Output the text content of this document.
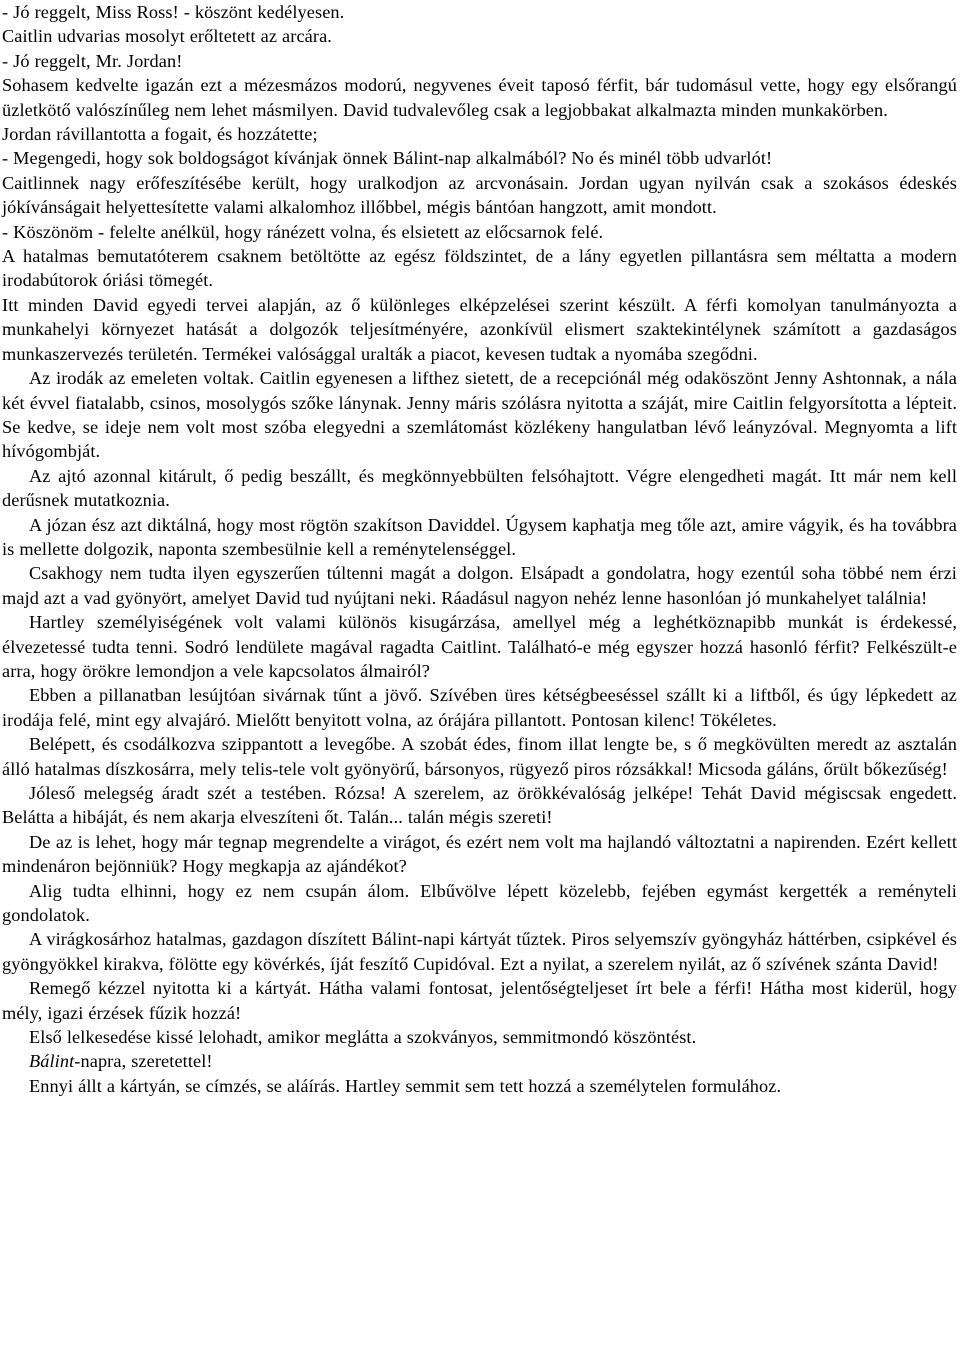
- Jó reggelt, Miss Ross! - köszönt kedélyesen.

Caitlin udvarias mosolyt erőltetett az arcára.

- Jó reggelt, Mr. Jordan!

Sohasem kedvelte igazán ezt a mézesmázos modorú, negyvenes éveit taposó férfit, bár tudomásul vette, hogy egy elsőrangú üzletkötő valószínűleg nem lehet másmilyen. David tudvalevőleg csak a legjobbakat alkalmazta minden munkakörben.

Jordan rávillantotta a fogait, és hozzátette;

- Megengedi, hogy sok boldogságot kívánjak önnek Bálint-nap alkalmából? No és minél több udvarlót!

Caitlinnek nagy erőfeszítésébe került, hogy uralkodjon az arcvonásain. Jordan ugyan nyilván csak a szokásos édeskés jókívánságait helyettesítette valami alkalomhoz illőbbel, mégis bántóan hangzott, amit mondott.

- Köszönöm - felelte anélkül, hogy ránézett volna, és elsietett az előcsarnok felé.

A hatalmas bemutatóterem csaknem betöltötte az egész földszintet, de a lány egyetlen pillantásra sem méltatta a modern irodabútorok óriási tömegét.

Itt minden David egyedi tervei alapján, az ő különleges elképzelései szerint készült. A férfi komolyan tanulmányozta a munkahelyi környezet hatását a dolgozók teljesítményére, azonkívül elismert szaktekintélynek számított a gazdaságos munkaszervezés területén. Termékei valósággal uralták a piacot, kevesen tudtak a nyomába szegődni.

Az irodák az emeleten voltak. Caitlin egyenesen a lifthez sietett, de a recepciónál még odaköszönt Jenny Ashtonnak, a nála két évvel fiatalabb, csinos, mosolygós szőke lánynak. Jenny máris szólásra nyitotta a száját, mire Caitlin felgyorsította a lépteit. Se kedve, se ideje nem volt most szóba elegyedni a szemlátomást közlékeny hangulatban lévő leányzóval. Megnyomta a lift hívógombját.

Az ajtó azonnal kitárult, ő pedig beszállt, és megkönnyebbülten felsóhajtott. Végre elengedheti magát. Itt már nem kell derűsnek mutatkoznia.

A józan ész azt diktálná, hogy most rögtön szakítson Daviddel. Úgysem kaphatja meg tőle azt, amire vágyik, és ha továbbra is mellette dolgozik, naponta szembesülnie kell a reménytelenséggel.

Csakhogy nem tudta ilyen egyszerűen túltenni magát a dolgon. Elsápadt a gondolatra, hogy ezentúl soha többé nem érzi majd azt a vad gyönyört, amelyet David tud nyújtani neki. Ráadásul nagyon nehéz lenne hasonlóan jó munkahelyet találnia!

Hartley személyiségének volt valami különös kisugárzása, amellyel még a leghétköznapibb munkát is érdekessé, élvezetessé tudta tenni. Sodró lendülete magával ragadta Caitlint. Található-e még egyszer hozzá hasonló férfit? Felkészült-e arra, hogy örökre lemondjon a vele kapcsolatos álmairól?

Ebben a pillanatban lesújtóan sivárnak tűnt a jövő. Szívében üres kétségbeeséssel szállt ki a liftből, és úgy lépkedett az irodája felé, mint egy alvajáró. Mielőtt benyitott volna, az órájára pillantott. Pontosan kilenc! Tökéletes.

Belépett, és csodálkozva szippantott a levegőbe. A szobát édes, finom illat lengte be, s ő megkövülten meredt az asztalán álló hatalmas díszkosárra, mely telis-tele volt gyönyörű, bársonyos, rügyező piros rózsákkal! Micsoda gáláns, őrült bőkezűség!

Jóleső melegség áradt szét a testében. Rózsa! A szerelem, az örökkévalóság jelképe! Tehát David mégiscsak engedett. Belátta a hibáját, és nem akarja elveszíteni őt. Talán... talán mégis szereti!

De az is lehet, hogy már tegnap megrendelte a virágot, és ezért nem volt ma hajlandó változtatni a napirenden. Ezért kellett mindenáron bejönniük? Hogy megkapja az ajándékot?

Alig tudta elhinni, hogy ez nem csupán álom. Elbűvölve lépett közelebb, fejében egymást kergették a reményteli gondolatok.

A virágkosárhoz hatalmas, gazdagon díszített Bálint-napi kártyát tűztek. Piros selyemszív gyöngyház háttérben, csipkével és gyöngyökkel kirakva, fölötte egy kövérkés, íját feszítő Cupidóval. Ezt a nyilat, a szerelem nyilát, az ő szívének szánta David!

Remegő kézzel nyitotta ki a kártyát. Hátha valami fontosat, jelentőségteljeset írt bele a férfi! Hátha most kiderül, hogy mély, igazi érzések fűzik hozzá!

Első lelkesedése kissé lelohadt, amikor meglátta a szokványos, semmitmondó köszöntést.

Bálint-napra, szeretettel!

Ennyi állt a kártyán, se címzés, se aláírás. Hartley semmit sem tett hozzá a személytelen formulához.
